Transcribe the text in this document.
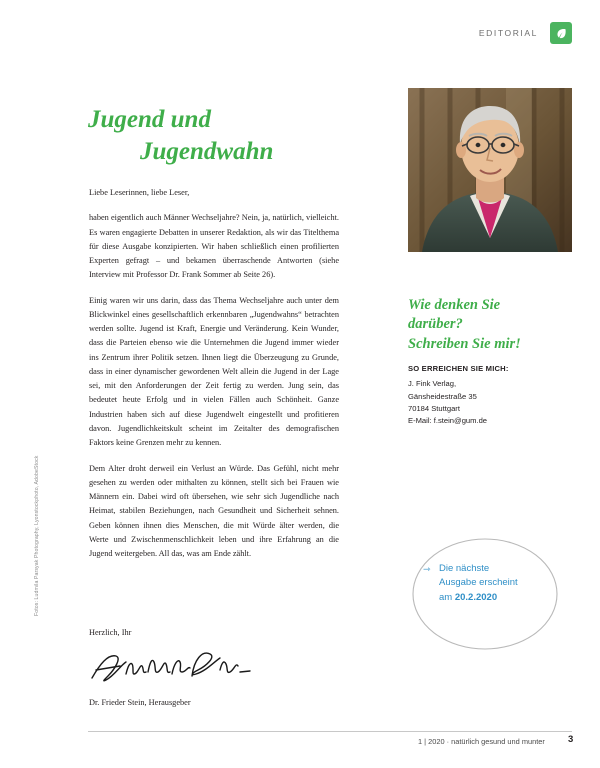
EDITORIAL
Jugend und
Jugendwahn

Liebe Leserinnen, liebe Leser,

haben eigentlich auch Männer Wechseljahre? Nein, ja, natürlich, vielleicht. Es waren engagierte Debatten in unserer Redaktion, als wir das Titelthema für diese Ausgabe konzipierten. Wir haben schließlich einen profilierten Experten gefragt – und bekamen überraschende Antworten (siehe Interview mit Professor Dr. Frank Sommer ab Seite 26).

Einig waren wir uns darin, dass das Thema Wechseljahre auch unter dem Blickwinkel eines gesellschaftlich erkennbaren „Jugendwahns“ betrachten werden sollte. Jugend ist Kraft, Energie und Veränderung. Kein Wunder, dass die Parteien ebenso wie die Unternehmen die Jugend immer wieder ins Zentrum ihrer Politik setzen. Ihnen liegt die Überzeugung zu Grunde, dass in einer dynamischer gewordenen Welt allein die Jugend in der Lage sei, mit den Anforderungen der Zeit fertig zu werden. Jung sein, das bedeutet heute Erfolg und in vielen Fällen auch Schönheit. Ganze Industrien haben sich auf diese Jugendwelt eingestellt und profitieren davon. Jugendlichkeitskult scheint im Zeitalter des demografischen Faktors keine Grenzen mehr zu kennen.

Dem Alter droht derweil ein Verlust an Würde. Das Gefühl, nicht mehr gesehen zu werden oder mithalten zu können, stellt sich bei Frauen wie Männern ein. Dabei wird oft übersehen, wie sehr sich Jugendliche nach Heimat, stabilen Beziehungen, nach Gesundheit und Sicherheit sehnen. Geben können ihnen dies Menschen, die mit Würde älter werden, die Werte und Zwischenmenschlichkeit leben und ihre Erfahrung an die Jugend weitergeben. All das, was am Ende zählt.

Herzlich, Ihr
Dr. Frieder Stein, Herausgeber
Wie denken Sie
darüber?
Schreiben Sie mir!
SO ERREICHEN SIE MICH:
J. Fink Verlag,
Gänsheidestraße 35
70184 Stuttgart
E-Mail: f.stein@gum.de
⇾ Die nächste
Ausgabe erscheint
am 20.2.2020
1 | 2020 · natürlich gesund und munter 3
Fotos: Ludmila Parsyak Photography, Lyonstockphoto, AdobeStock
